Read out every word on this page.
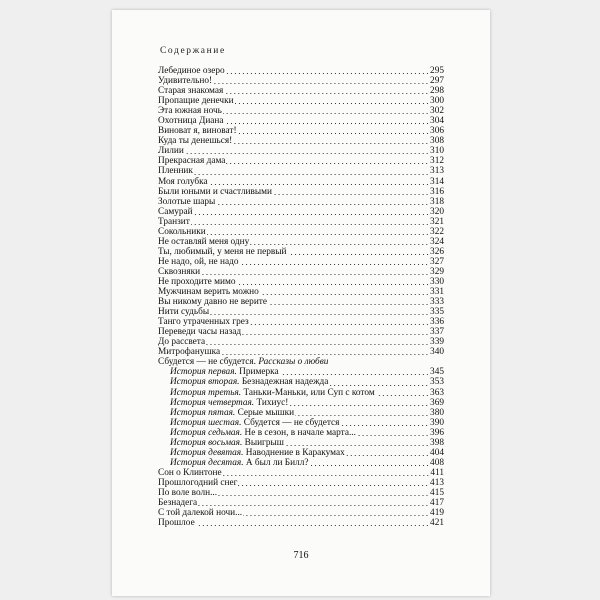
Содержание
Лебединое озеро	295
Удивительно!	297
Старая знакомая	298
Пропащие денечки	300
Эта южная ночь	302
Охотница Диана	304
Виноват я, виноват!	306
Куда ты денешься!	308
Лилии	310
Прекрасная дама	312
Пленник	313
Моя голубка	314
Были юными и счастливыми	316
Золотые шары	318
Самурай	320
Транзит	321
Сокольники	322
Не оставляй меня одну	324
Ты, любимый, у меня не первый	326
Не надо, ой, не надо	327
Сквозняки	329
Не проходите мимо	330
Мужчинам верить можно	331
Вы никому давно не верите	333
Нити судьбы	335
Танго утраченных грез	336
Переведи часы назад	337
До рассвета	339
Митрофанушка	340
Сбудется — не сбудется. Рассказы о любви
История первая. Примерка	345
История вторая. Безнадежная надежда	353
История третья. Таньки-Маньки, или Суп с котом	363
История четвертая. Тихиус!	369
История пятая. Серые мышки	380
История шестая. Сбудется — не сбудется	390
История седьмая. Не в сезон, в начале марта...	396
История восьмая. Выигрыш	398
История девятая. Наводнение в Каракумах	404
История десятая. А был ли Билл?	408
Сон о Клинтоне	411
Прошлогодний снег	413
По воле волн...	415
Безнадега	417
С той далекой ночи...	419
Прошлое	421
716
